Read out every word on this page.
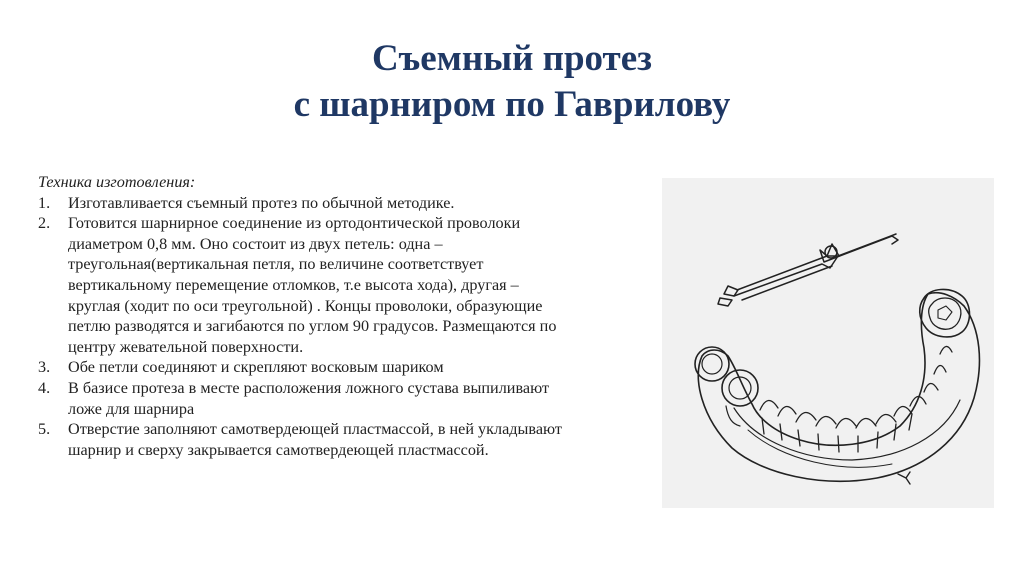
Съемный протез
с шарниром по Гаврилову
Техника изготовления:
1. Изготавливается съемный протез по обычной методике.
2. Готовится шарнирное соединение из ортодонтической проволоки
диаметром 0,8 мм. Оно состоит из двух петель: одна –
треугольная(вертикальная петля, по величине соответствует
вертикальному перемещение отломков, т.е высота хода), другая –
круглая (ходит по оси треугольной) . Концы проволоки, образующие
петлю разводятся и загибаются по углом 90 градусов. Размещаются по
центру жевательной поверхности.
3. Обе петли соединяют и скрепляют восковым шариком
4. В базисе протеза в месте расположения ложного сустава выпиливают
ложе для шарнира
5. Отверстие заполняют самотвердеющей пластмассой, в ней укладывают
шарнир и сверху закрывается самотвердеющей пластмассой.
